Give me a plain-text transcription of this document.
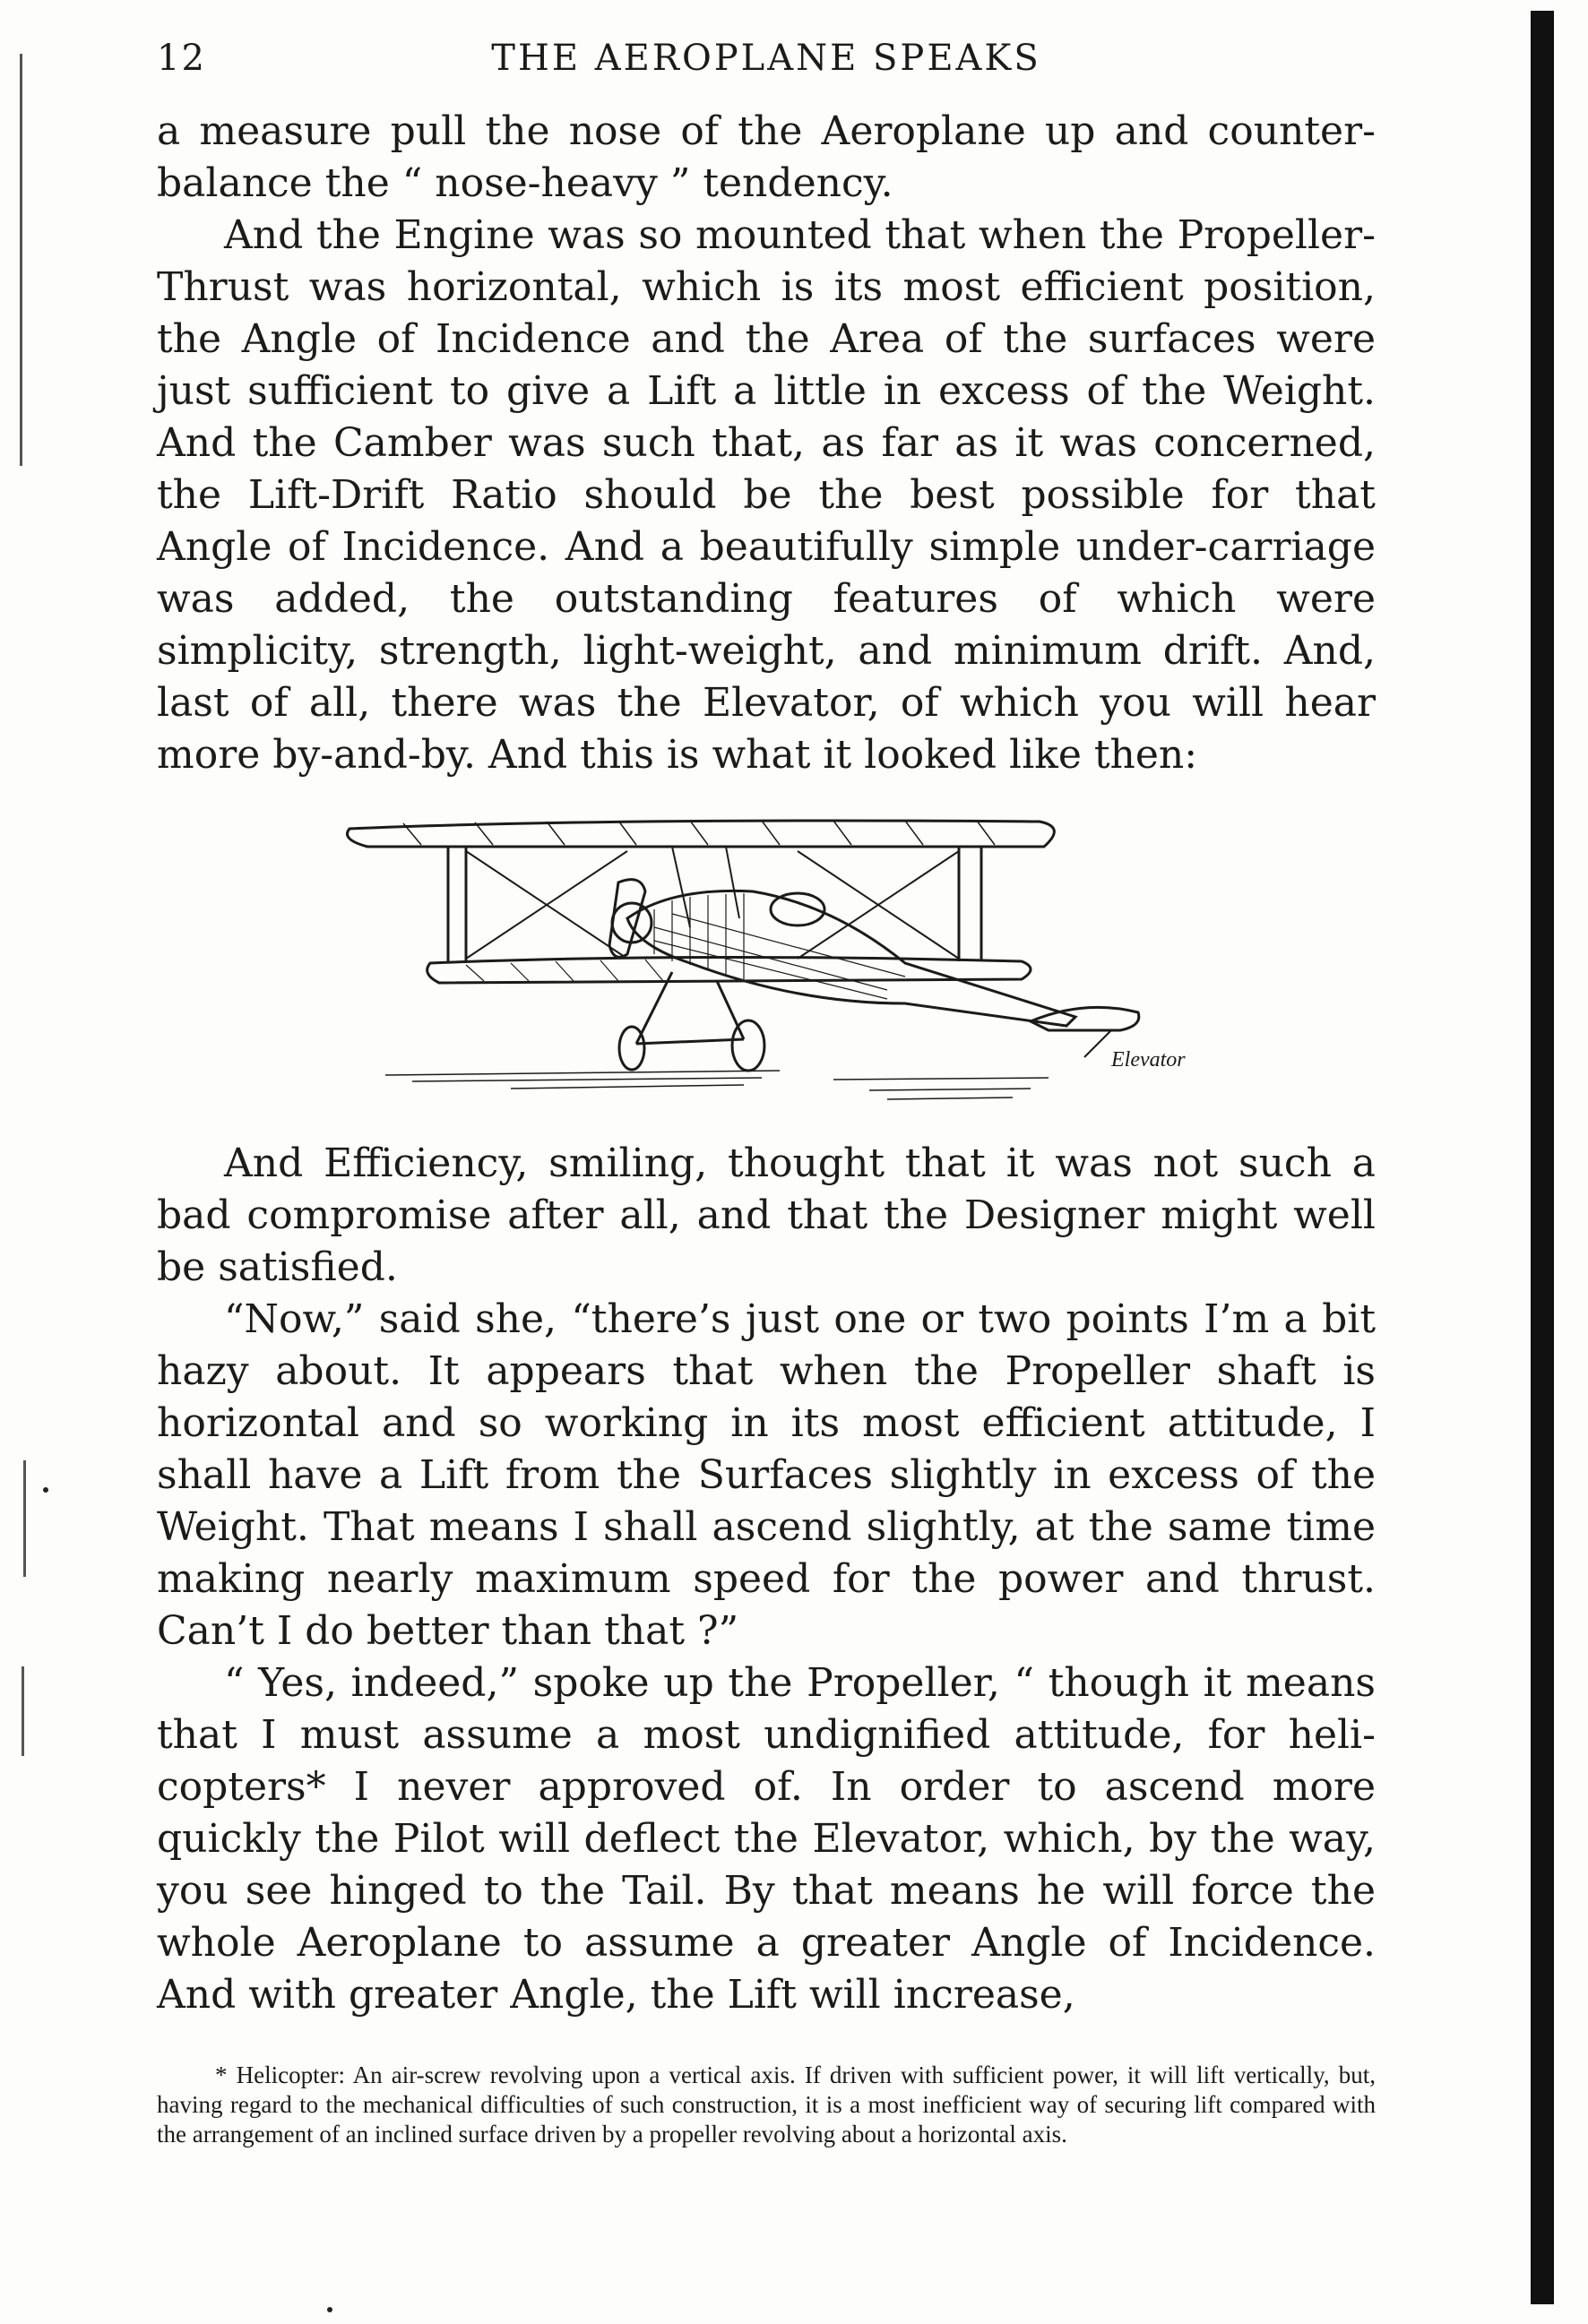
12	THE AEROPLANE SPEAKS

a measure pull the nose of the Aeroplane up and counter-balance the “ nose-heavy ” tendency.

And the Engine was so mounted that when the Propeller-Thrust was horizontal, which is its most efficient position, the Angle of Incidence and the Area of the surfaces were just sufficient to give a Lift a little in excess of the Weight. And the Camber was such that, as far as it was concerned, the Lift-Drift Ratio should be the best possible for that Angle of Incidence. And a beautifully simple under-carriage was added, the outstanding features of which were simplicity, strength, light-weight, and minimum drift. And, last of all, there was the Elevator, of which you will hear more by-and-by. And this is what it looked like then:

Elevator

And Efficiency, smiling, thought that it was not such a bad compromise after all, and that the Designer might well be satisfied.

“Now,” said she, “there’s just one or two points I’m a bit hazy about. It appears that when the Propeller shaft is horizontal and so working in its most efficient attitude, I shall have a Lift from the Surfaces slightly in excess of the Weight. That means I shall ascend slightly, at the same time making nearly maximum speed for the power and thrust. Can’t I do better than that ?”

“ Yes, indeed,” spoke up the Propeller, “ though it means that I must assume a most undignified attitude, for heli-copters* I never approved of. In order to ascend more quickly the Pilot will deflect the Elevator, which, by the way, you see hinged to the Tail. By that means he will force the whole Aeroplane to assume a greater Angle of Incidence. And with greater Angle, the Lift will increase,

* Helicopter: An air-screw revolving upon a vertical axis. If driven with sufficient power, it will lift vertically, but, having regard to the mechanical difficulties of such construction, it is a most inefficient way of securing lift compared with the arrangement of an inclined surface driven by a propeller revolving about a horizontal axis.
